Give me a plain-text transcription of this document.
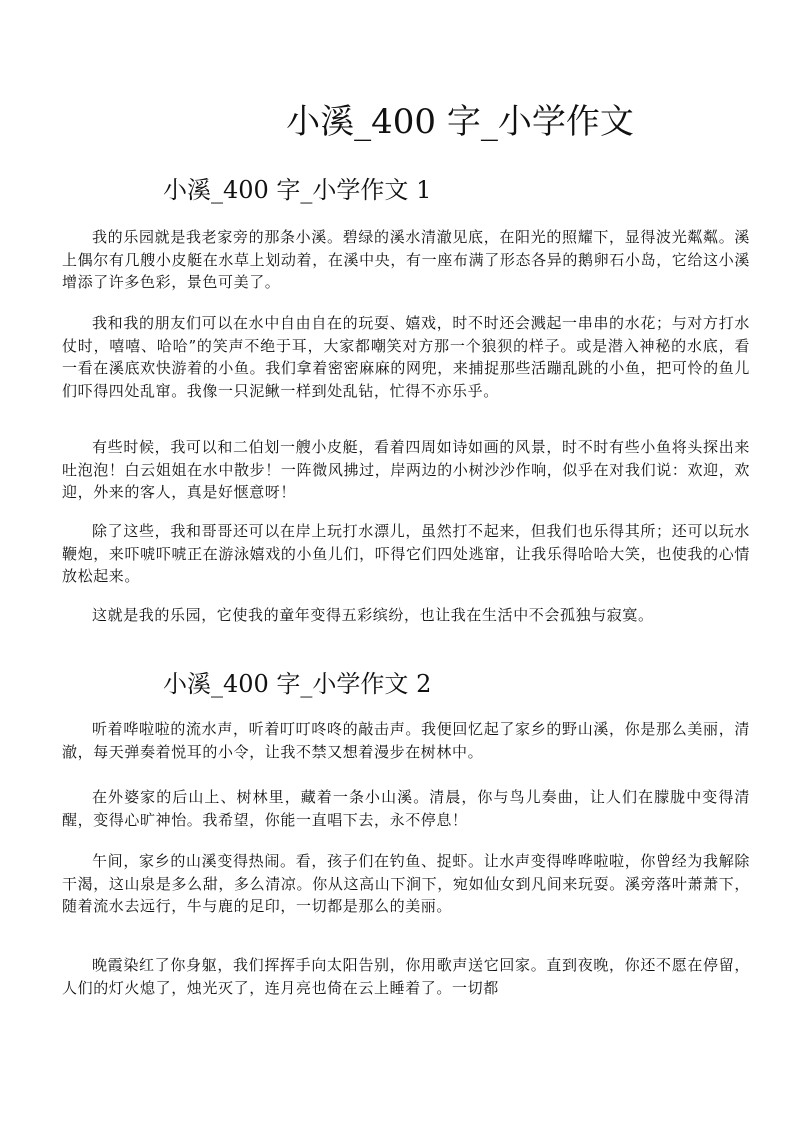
小溪_400 字_小学作文
小溪_400 字_小学作文 1

我的乐园就是我老家旁的那条小溪。碧绿的溪水清澈见底，在阳光的照耀下，显得波光粼粼。溪上偶尔有几艘小皮艇在水草上划动着，在溪中央，有一座布满了形态各异的鹅卵石小岛，它给这小溪增添了许多色彩，景色可美了。

我和我的朋友们可以在水中自由自在的玩耍、嬉戏，时不时还会溅起一串串的水花；与对方打水仗时，嘻嘻、哈哈”的笑声不绝于耳，大家都嘲笑对方那一个狼狈的样子。或是潜入神秘的水底，看一看在溪底欢快游着的小鱼。我们拿着密密麻麻的网兜，来捕捉那些活蹦乱跳的小鱼，把可怜的鱼儿们吓得四处乱窜。我像一只泥鳅一样到处乱钻，忙得不亦乐乎。

有些时候，我可以和二伯划一艘小皮艇，看着四周如诗如画的风景，时不时有些小鱼将头探出来吐泡泡！白云姐姐在水中散步！一阵微风拂过，岸两边的小树沙沙作响，似乎在对我们说：欢迎，欢迎，外来的客人，真是好惬意呀！

除了这些，我和哥哥还可以在岸上玩打水漂儿，虽然打不起来，但我们也乐得其所；还可以玩水鞭炮，来吓唬吓唬正在游泳嬉戏的小鱼儿们，吓得它们四处逃窜，让我乐得哈哈大笑，也使我的心情放松起来。

这就是我的乐园，它使我的童年变得五彩缤纷，也让我在生活中不会孤独与寂寞。

小溪_400 字_小学作文 2

听着哗啦啦的流水声，听着叮叮咚咚的敲击声。我便回忆起了家乡的野山溪，你是那么美丽，清澈，每天弹奏着悦耳的小令，让我不禁又想着漫步在树林中。

在外婆家的后山上、树林里，藏着一条小山溪。清晨，你与鸟儿奏曲，让人们在朦胧中变得清醒，变得心旷神怡。我希望，你能一直唱下去，永不停息！

午间，家乡的山溪变得热闹。看，孩子们在钓鱼、捉虾。让水声变得哗哗啦啦，你曾经为我解除干渴，这山泉是多么甜，多么清凉。你从这高山下涧下，宛如仙女到凡间来玩耍。溪旁落叶萧萧下，随着流水去远行，牛与鹿的足印，一切都是那么的美丽。

晚霞染红了你身躯，我们挥挥手向太阳告别，你用歌声送它回家。直到夜晚，你还不愿在停留，人们的灯火熄了，烛光灭了，连月亮也倚在云上睡着了。一切都
